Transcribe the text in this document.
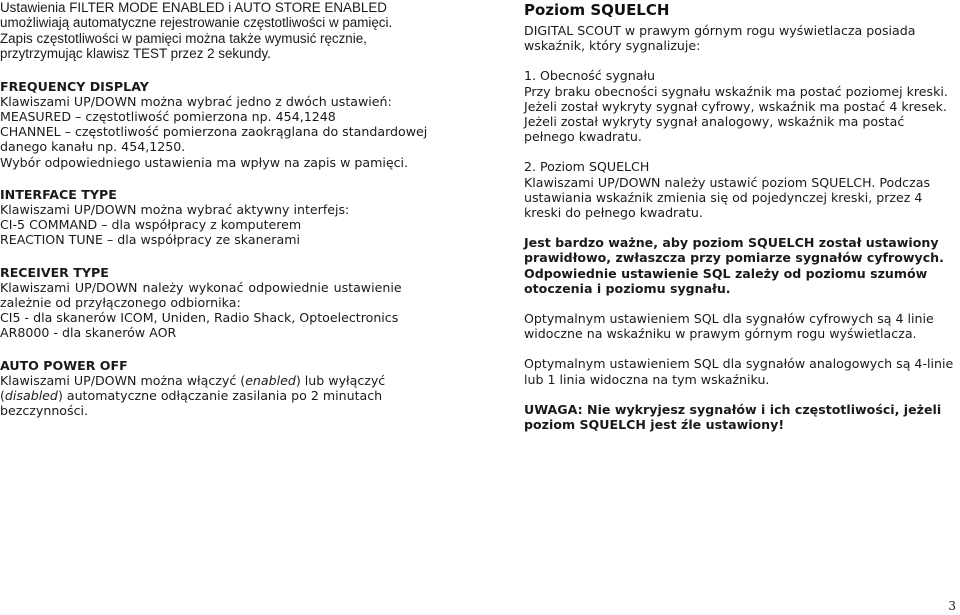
Ustawienia FILTER MODE ENABLED i AUTO STORE ENABLED
umożliwiają automatyczne rejestrowanie częstotliwości w pamięci.
Zapis częstotliwości w pamięci można także wymusić ręcznie,
przytrzymując klawisz TEST przez 2 sekundy.

FREQUENCY DISPLAY
Klawiszami UP/DOWN można wybrać jedno z dwóch ustawień:
MEASURED – częstotliwość pomierzona np. 454,1248
CHANNEL – częstotliwość pomierzona zaokrąglana do standardowej
danego kanału np. 454,1250.
Wybór odpowiedniego ustawienia ma wpływ na zapis w pamięci.
INTERFACE TYPE
Klawiszami UP/DOWN można wybrać aktywny interfejs:
CI-5 COMMAND – dla współpracy z komputerem
REACTION TUNE – dla współpracy ze skanerami
RECEIVER TYPE
Klawiszami UP/DOWN należy wykonać odpowiednie ustawienie
zależnie od przyłączonego odbiornika:
CI5 - dla skanerów ICOM, Uniden, Radio Shack, Optoelectronics
AR8000 - dla skanerów AOR
AUTO POWER OFF
Klawiszami UP/DOWN można włączyć (enabled) lub wyłączyć
(disabled) automatyczne odłączanie zasilania po 2 minutach
bezczynności.
Poziom SQUELCH
DIGITAL SCOUT w prawym górnym rogu wyświetlacza posiada
wskaźnik, który sygnalizuje:
1. Obecność sygnału
Przy braku obecności sygnału wskaźnik ma postać poziomej kreski.
Jeżeli został wykryty sygnał cyfrowy, wskaźnik ma postać 4 kresek.
Jeżeli został wykryty sygnał analogowy, wskaźnik ma postać
pełnego kwadratu.
2. Poziom SQUELCH
Klawiszami UP/DOWN należy ustawić poziom SQUELCH. Podczas
ustawiania wskaźnik zmienia się od pojedynczej kreski, przez 4
kreski do pełnego kwadratu.
Jest bardzo ważne, aby poziom SQUELCH został ustawiony
prawidłowo, zwłaszcza przy pomiarze sygnałów cyfrowych.
Odpowiednie ustawienie SQL zależy od poziomu szumów
otoczenia i poziomu sygnału.
Optymalnym ustawieniem SQL dla sygnałów cyfrowych są 4 linie
widoczne na wskaźniku w prawym górnym rogu wyświetlacza.
Optymalnym ustawieniem SQL dla sygnałów analogowych są 4-linie
lub 1 linia widoczna na tym wskaźniku.
UWAGA: Nie wykryjesz sygnałów i ich częstotliwości, jeżeli
poziom SQUELCH jest źle ustawiony!
3
